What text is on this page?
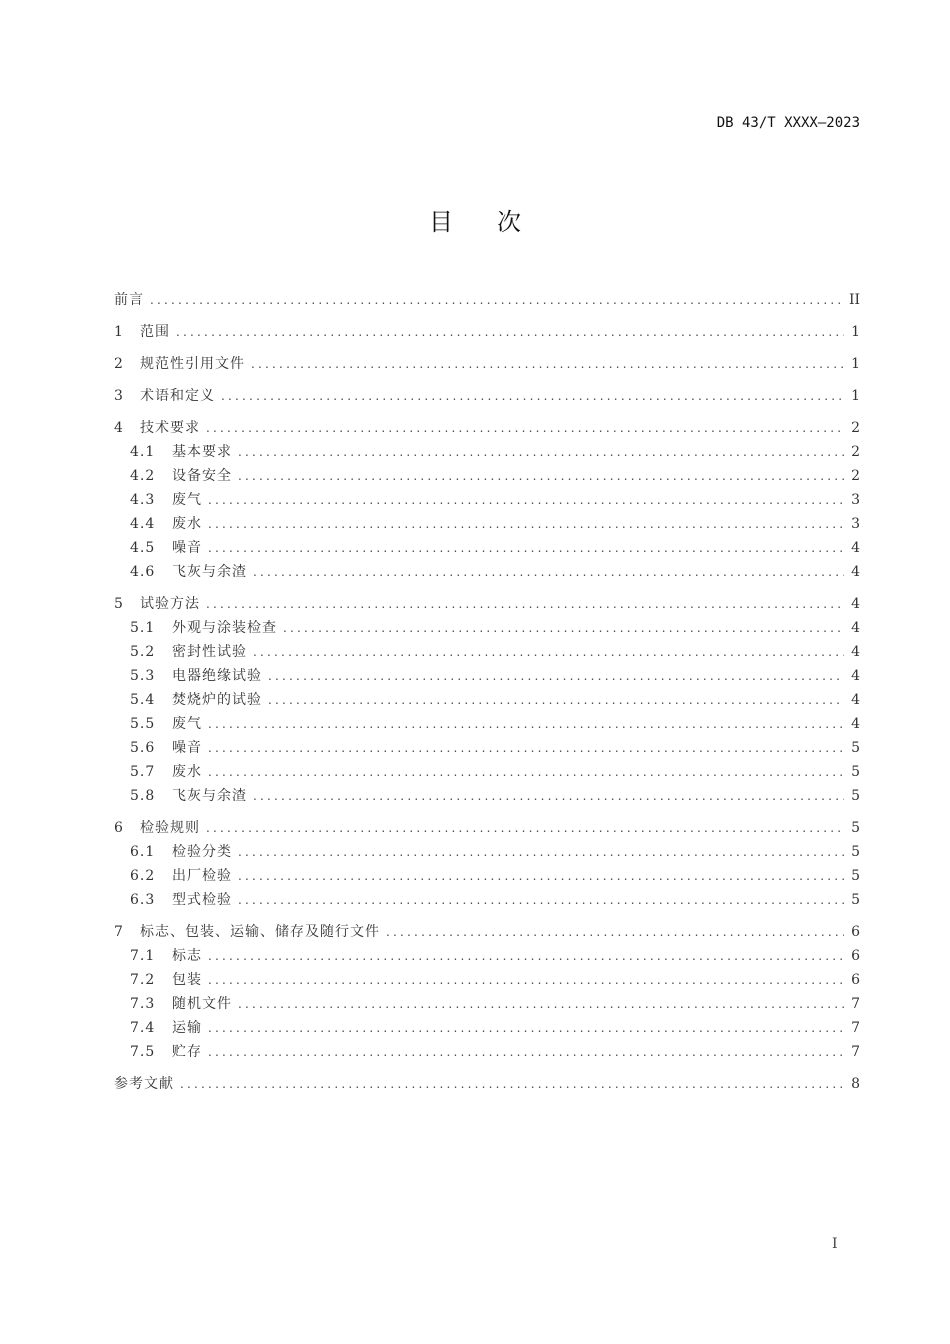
DB 43/T XXXX—2023
目次
前言 .....	II
1	范围 .....	1
2	规范性引用文件 .....	1
3	术语和定义 .....	1
4	技术要求 .....	2
4.1	基本要求 .....	2
4.2	设备安全 .....	2
4.3	废气 .....	3
4.4	废水 .....	3
4.5	噪音 .....	4
4.6	飞灰与余渣 .....	4
5	试验方法 .....	4
5.1	外观与涂装检查 .....	4
5.2	密封性试验 .....	4
5.3	电器绝缘试验 .....	4
5.4	焚烧炉的试验 .....	4
5.5	废气 .....	4
5.6	噪音 .....	5
5.7	废水 .....	5
5.8	飞灰与余渣 .....	5
6	检验规则 .....	5
6.1	检验分类 .....	5
6.2	出厂检验 .....	5
6.3	型式检验 .....	5
7	标志、包装、运输、储存及随行文件 .....	6
7.1	标志 .....	6
7.2	包装 .....	6
7.3	随机文件 .....	7
7.4	运输 .....	7
7.5	贮存 .....	7
参考文献 .....	8
I
